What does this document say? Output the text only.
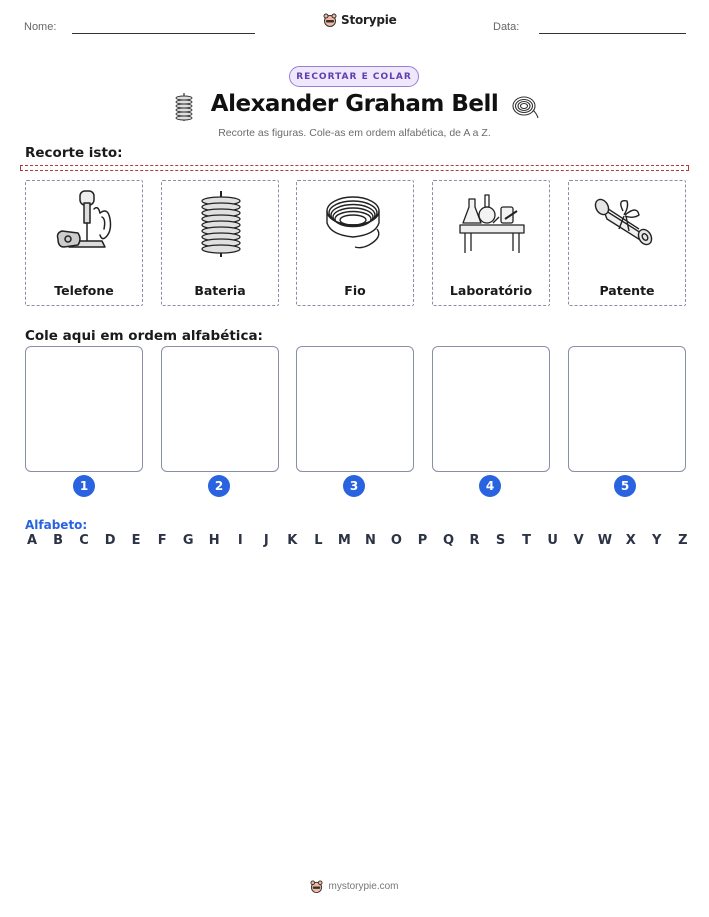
Nome:	Storypie	Data:
RECORTAR E COLAR
Alexander Graham Bell
Recorte as figuras. Cole-as em ordem alfabética, de A a Z.
Recorte isto:
Telefone	Bateria	Fio	Laboratório	Patente
Cole aqui em ordem alfabética:
1	2	3	4	5
Alfabeto:
A B C D E F G H	I	J	K L M N O P Q R S T U V W X Y Z
mystorypie.com
